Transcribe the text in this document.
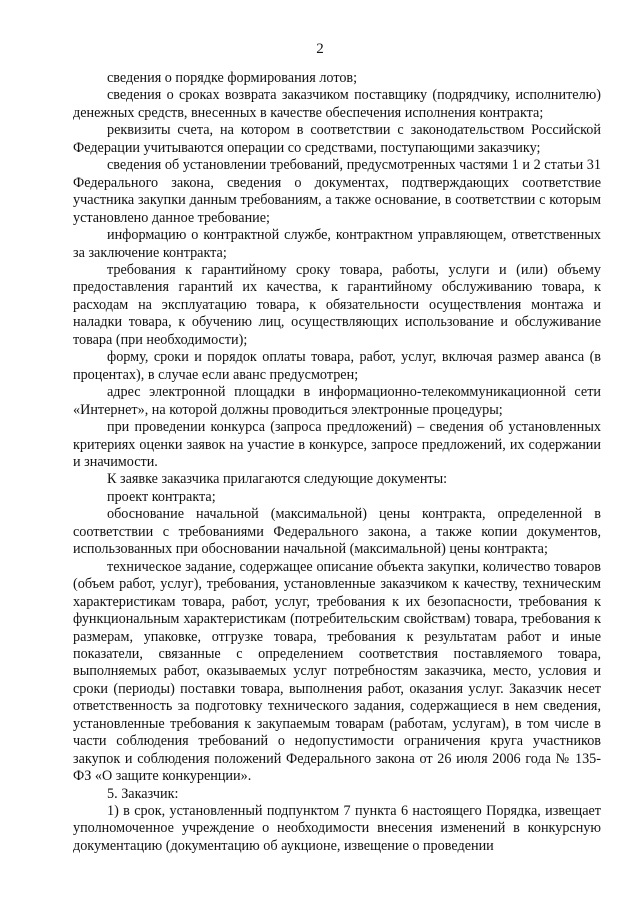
2

сведения о порядке формирования лотов;

сведения о сроках возврата заказчиком поставщику (подрядчику, исполнителю) денежных средств, внесенных в качестве обеспечения исполнения контракта;

реквизиты счета, на котором в соответствии с законодательством Российской Федерации учитываются операции со средствами, поступающими заказчику;

сведения об установлении требований, предусмотренных частями 1 и 2 статьи 31 Федерального закона, сведения о документах, подтверждающих соответствие участника закупки данным требованиям, а также основание, в соответствии с которым установлено данное требование;

информацию о контрактной службе, контрактном управляющем, ответственных за заключение контракта;

требования к гарантийному сроку товара, работы, услуги и (или) объему предоставления гарантий их качества, к гарантийному обслуживанию товара, к расходам на эксплуатацию товара, к обязательности осуществления монтажа и наладки товара, к обучению лиц, осуществляющих использование и обслуживание товара (при необходимости);

форму, сроки и порядок оплаты товара, работ, услуг, включая размер аванса (в процентах), в случае если аванс предусмотрен;

адрес электронной площадки в информационно-телекоммуникационной сети «Интернет», на которой должны проводиться электронные процедуры;

при проведении конкурса (запроса предложений) – сведения об установленных критериях оценки заявок на участие в конкурсе, запросе предложений, их содержании и значимости.

К заявке заказчика прилагаются следующие документы:

проект контракта;

обоснование начальной (максимальной) цены контракта, определенной в соответствии с требованиями Федерального закона, а также копии документов, использованных при обосновании начальной (максимальной) цены контракта;

техническое задание, содержащее описание объекта закупки, количество товаров (объем работ, услуг), требования, установленные заказчиком к качеству, техническим характеристикам товара, работ, услуг, требования к их безопасности, требования к функциональным характеристикам (потребительским свойствам) товара, требования к размерам, упаковке, отгрузке товара, требования к результатам работ и иные показатели, связанные с определением соответствия поставляемого товара, выполняемых работ, оказываемых услуг потребностям заказчика, место, условия и сроки (периоды) поставки товара, выполнения работ, оказания услуг. Заказчик несет ответственность за подготовку технического задания, содержащиеся в нем сведения, установленные требования к закупаемым товарам (работам, услугам), в том числе в части соблюдения требований о недопустимости ограничения круга участников закупок и соблюдения положений Федерального закона от 26 июля 2006 года № 135-ФЗ «О защите конкуренции».

5. Заказчик:

1) в срок, установленный подпунктом 7 пункта 6 настоящего Порядка, извещает уполномоченное учреждение о необходимости внесения изменений в конкурсную документацию (документацию об аукционе, извещение о проведении
